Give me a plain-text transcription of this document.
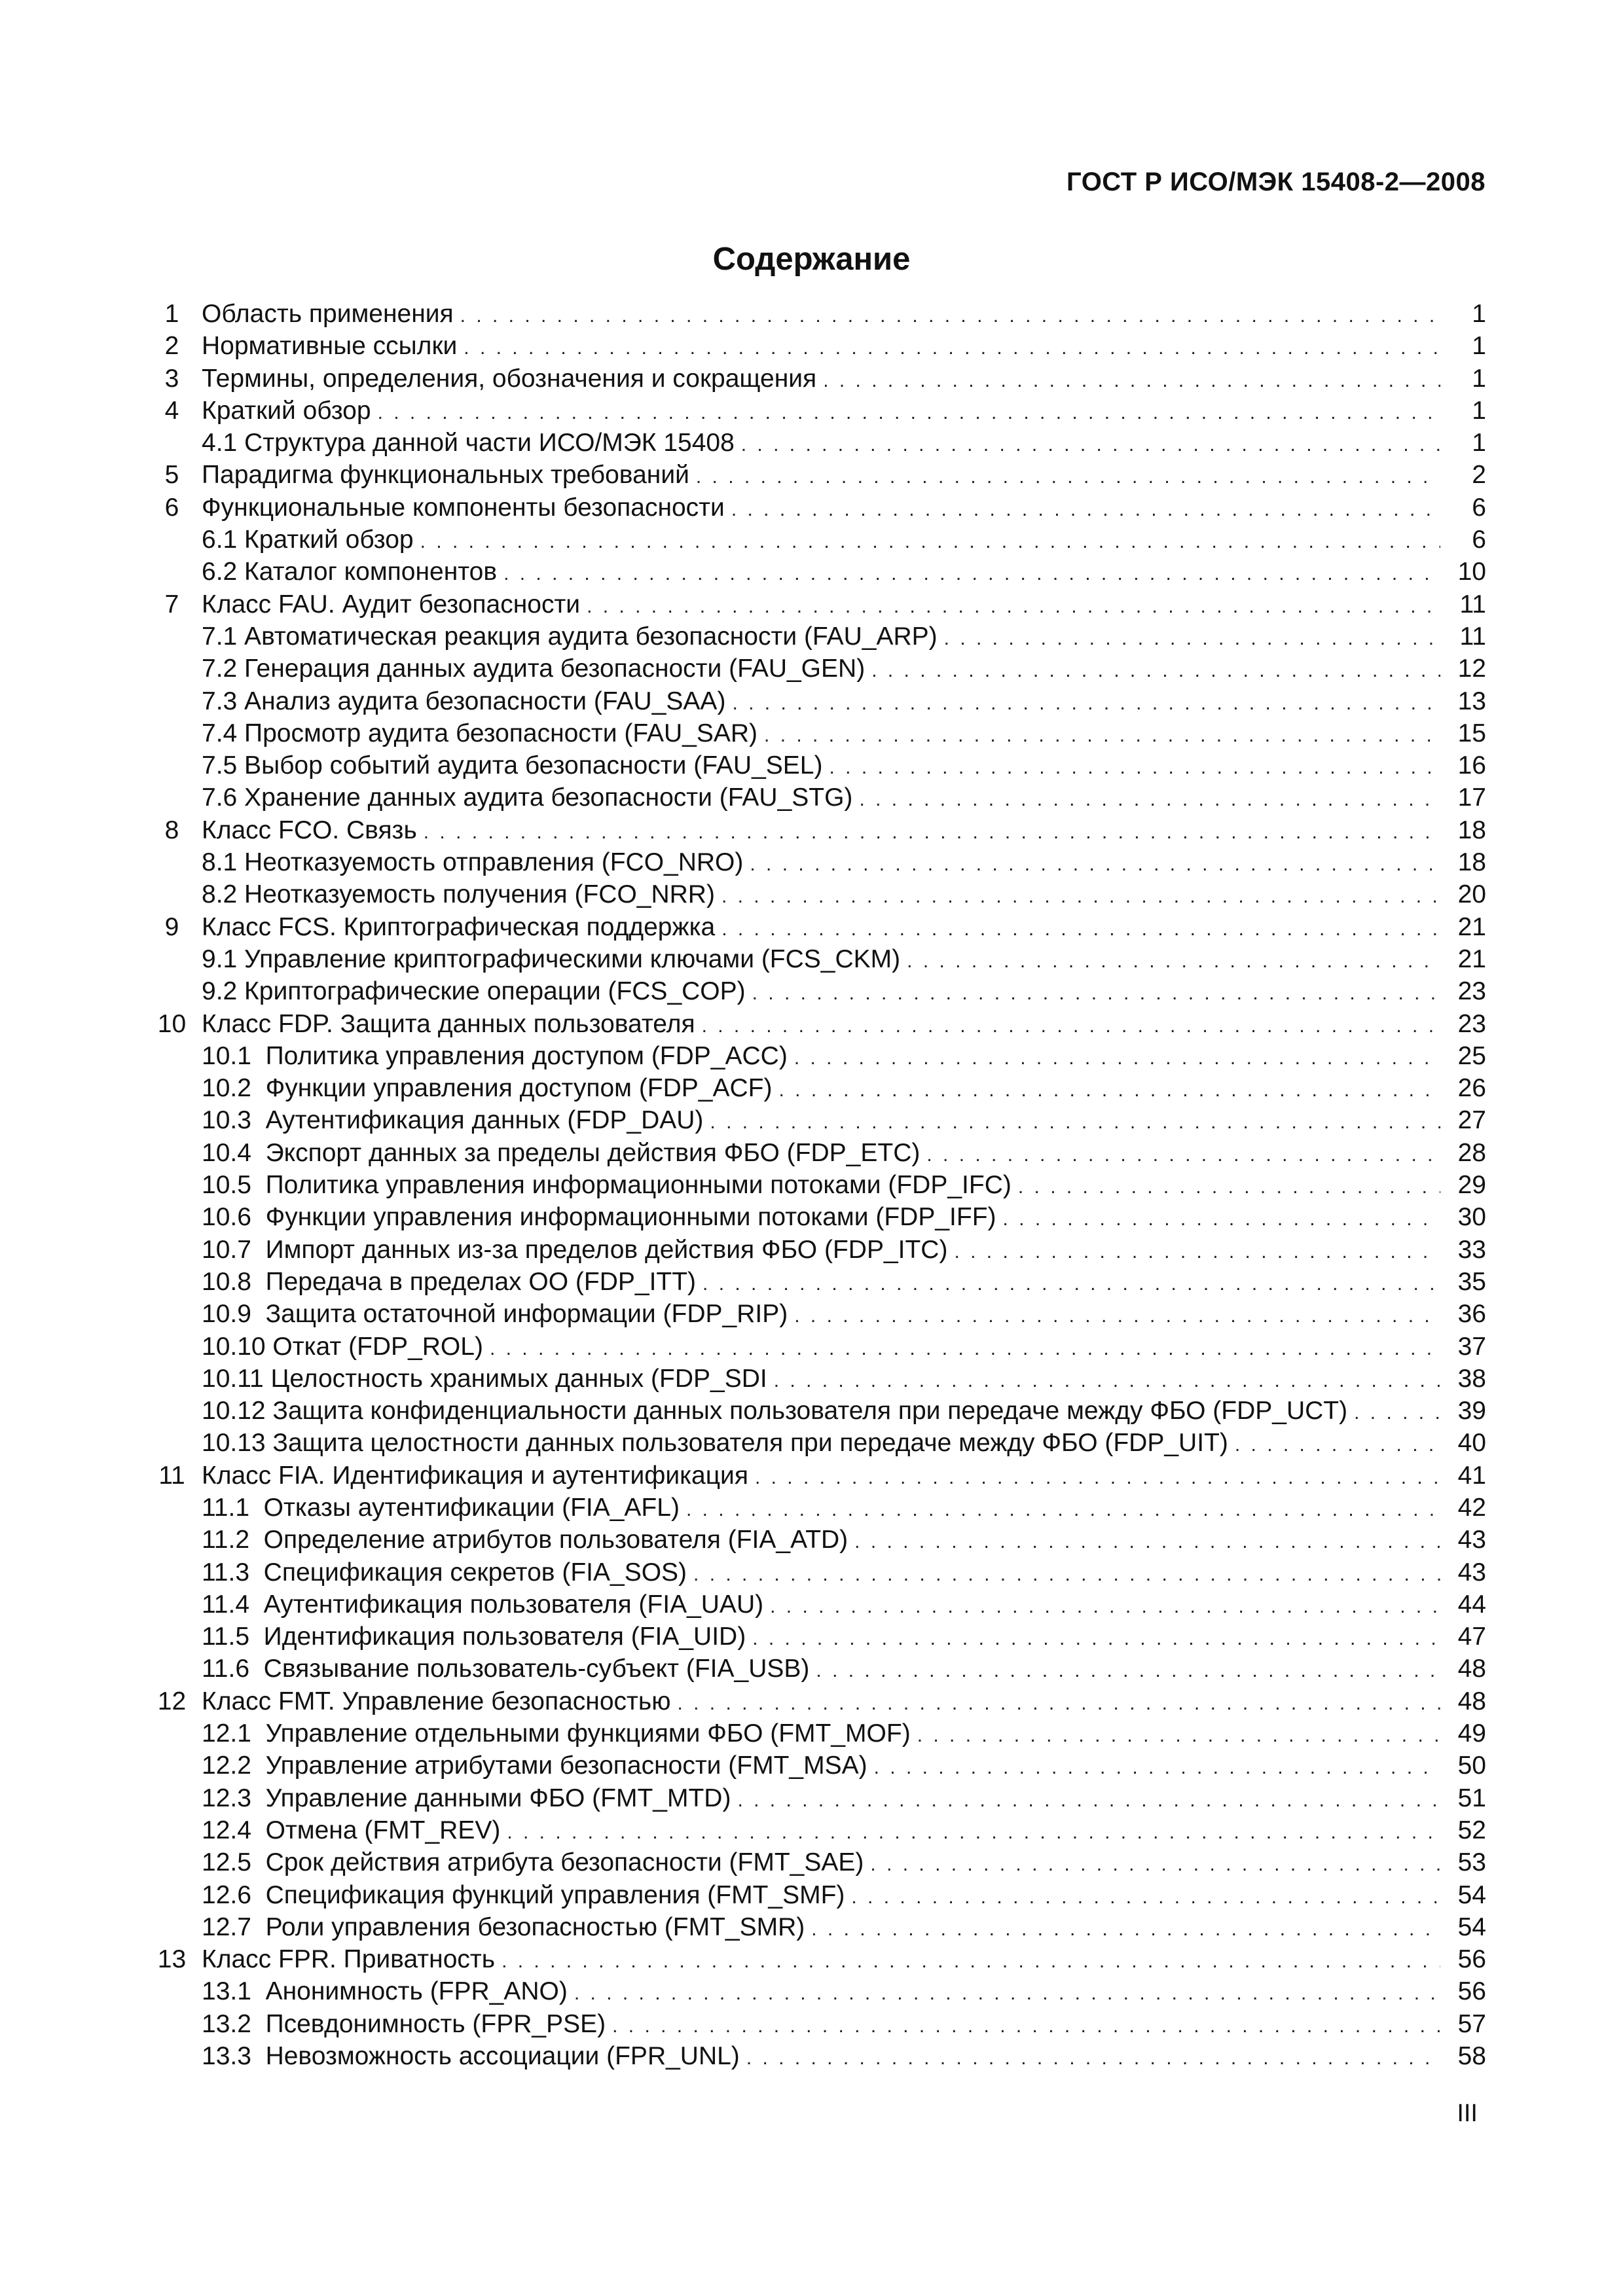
ГОСТ Р ИСО/МЭК 15408-2—2008
Содержание
1 Область применения . . .	1
2 Нормативные ссылки . . .	1
3 Термины, определения, обозначения и сокращения . . .	1
4 Краткий обзор . . .	1
4.1 Структура данной части ИСО/МЭК 15408 . . .	1
5 Парадигма функциональных требований . . .	2
6 Функциональные компоненты безопасности . . .	6
6.1 Краткий обзор . . .	6
6.2 Каталог компонентов . . .	10
7 Класс FAU. Аудит безопасности . . .	11
7.1 Автоматическая реакция аудита безопасности (FAU_ARP) . . .	11
7.2 Генерация данных аудита безопасности (FAU_GEN) . . .	12
7.3 Анализ аудита безопасности (FAU_SAA) . . .	13
7.4 Просмотр аудита безопасности (FAU_SAR) . . .	15
7.5 Выбор событий аудита безопасности (FAU_SEL) . . .	16
7.6 Хранение данных аудита безопасности (FAU_STG) . . .	17
8 Класс FCO. Связь . . .	18
8.1 Неотказуемость отправления (FCO_NRO) . . .	18
8.2 Неотказуемость получения (FCO_NRR) . . .	20
9 Класс FCS. Криптографическая поддержка . . .	21
9.1 Управление криптографическими ключами (FCS_CKM) . . .	21
9.2 Криптографические операции (FCS_COP) . . .	23
10 Класс FDP. Защита данных пользователя . . .	23
10.1  Политика управления доступом (FDP_ACC) . . .	25
10.2  Функции управления доступом (FDP_ACF) . . .	26
10.3  Аутентификация данных (FDP_DAU) . . .	27
10.4  Экспорт данных за пределы действия ФБО (FDP_ETC) . . .	28
10.5  Политика управления информационными потоками (FDP_IFC) . . .	29
10.6  Функции управления информационными потоками (FDP_IFF) . . .	30
10.7  Импорт данных из-за пределов действия ФБО (FDP_ITC) . . .	33
10.8  Передача в пределах ОО (FDP_ITT) . . .	35
10.9  Защита остаточной информации (FDP_RIP) . . .	36
10.10 Откат (FDP_ROL) . . .	37
10.11 Целостность хранимых данных (FDP_SDI . . .	38
10.12 Защита конфиденциальности данных пользователя при передаче между ФБО (FDP_UCT) . . .	39
10.13 Защита целостности данных пользователя при передаче между ФБО (FDP_UIT) . . .	40
11 Класс FIA. Идентификация и аутентификация . . .	41
11.1  Отказы аутентификации (FIA_AFL) . . .	42
11.2  Определение атрибутов пользователя (FIA_ATD) . . .	43
11.3  Спецификация секретов (FIA_SOS) . . .	43
11.4  Аутентификация пользователя (FIA_UAU) . . .	44
11.5  Идентификация пользователя (FIA_UID) . . .	47
11.6  Связывание пользователь-субъект (FIA_USB) . . .	48
12 Класс FMT. Управление безопасностью . . .	48
12.1  Управление отдельными функциями ФБО (FMT_MOF) . . .	49
12.2  Управление атрибутами безопасности (FMT_MSA) . . .	50
12.3  Управление данными ФБО (FMT_MTD) . . .	51
12.4  Отмена (FMT_REV) . . .	52
12.5  Срок действия атрибута безопасности (FMT_SAE) . . .	53
12.6  Спецификация функций управления (FMT_SMF) . . .	54
12.7  Роли управления безопасностью (FMT_SMR) . . .	54
13 Класс FPR. Приватность . . .	56
13.1  Анонимность (FPR_ANO) . . .	56
13.2  Псевдонимность (FPR_PSE) . . .	57
13.3  Невозможность ассоциации (FPR_UNL) . . .	58
III
